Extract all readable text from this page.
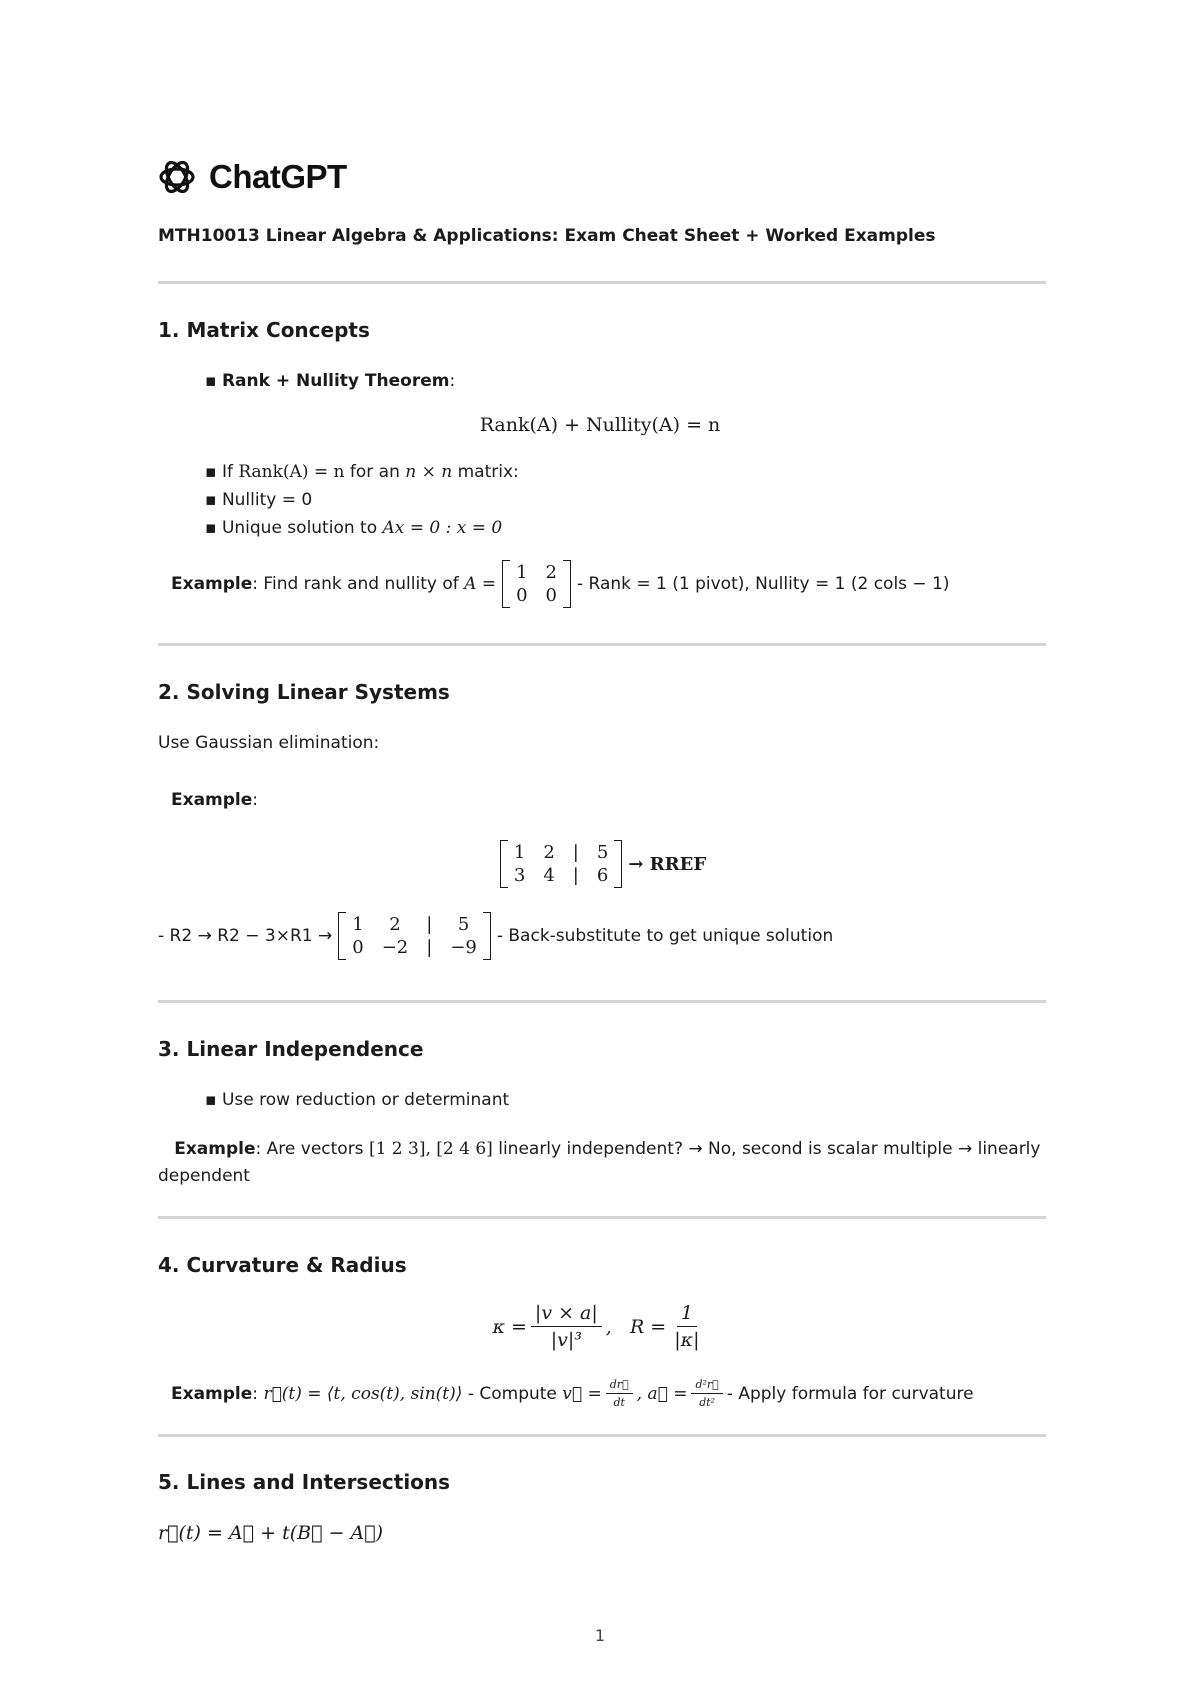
ChatGPT
MTH10013 Linear Algebra & Applications: Exam Cheat Sheet + Worked Examples
1. Matrix Concepts
▪ Rank + Nullity Theorem:
Rank(A) + Nullity(A) = n
▪ If Rank(A) = n for an n × n matrix:
▪ Nullity = 0
▪ Unique solution to Ax = 0 : x = 0
Example : Find rank and nullity of
A =
1 2
0 0
- Rank = 1 (1 pivot), Nullity = 1 (2 cols − 1)
2. Solving Linear Systems
Use Gaussian elimination:
Example :
1 2 | 5
3 4 | 6
→ RREF
- R2 → R2 − 3×R1 →
1	2	|	5
0 −2 | −9
- Back-substitute to get unique solution
3. Linear Independence
▪ Use row reduction or determinant
Example: Are vectors [1 2 3], [2 4 6] linearly independent? → No, second is scalar multiple → linearly
dependent
4. Curvature & Radius
$\kappa = \frac{|v \times a|}{\text{|v|³}}$ ,   $R = \frac{1}{|\kappa|}$
Example :
r⃗(t) = ⟨t, cos(t), sin(t)⟩
- Compute
v⃗ = $\frac{dr⃗}{dt}$ , a⃗ = $\frac{\text{d²r⃗}}{\text{dt²}}$ - Apply formula for curvature
5. Lines and Intersections
r⃗(t) = A⃗ + t(B⃗ − A⃗)
1
